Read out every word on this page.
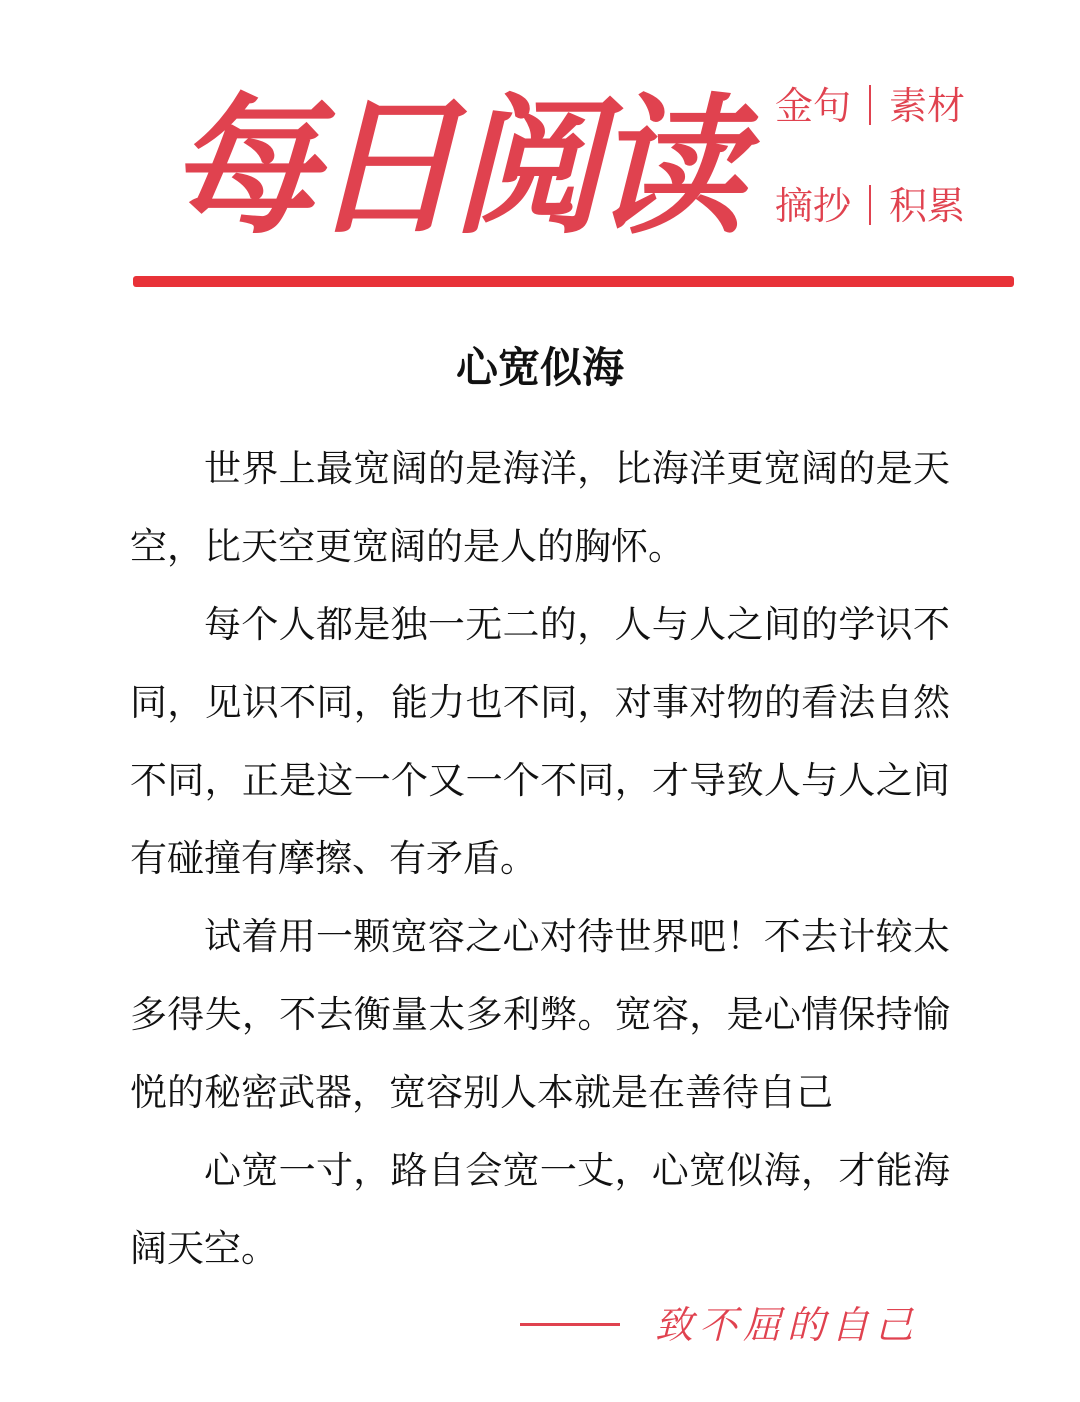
每日阅读 金句 素材
摘抄 积累
心宽似海

世界上最宽阔的是海洋，比海洋更宽阔的是天空，比天空更宽阔的是人的胸怀。

每个人都是独一无二的，人与人之间的学识不同，见识不同，能力也不同，对事对物的看法自然不同，正是这一个又一个不同，才导致人与人之间有碰撞有摩擦、有矛盾。

试着用一颗宽容之心对待世界吧！不去计较太多得失，不去衡量太多利弊。宽容，是心情保持愉悦的秘密武器，宽容别人本就是在善待自己

心宽一寸，路自会宽一丈，心宽似海，才能海阔天空。

致不屈的自己
